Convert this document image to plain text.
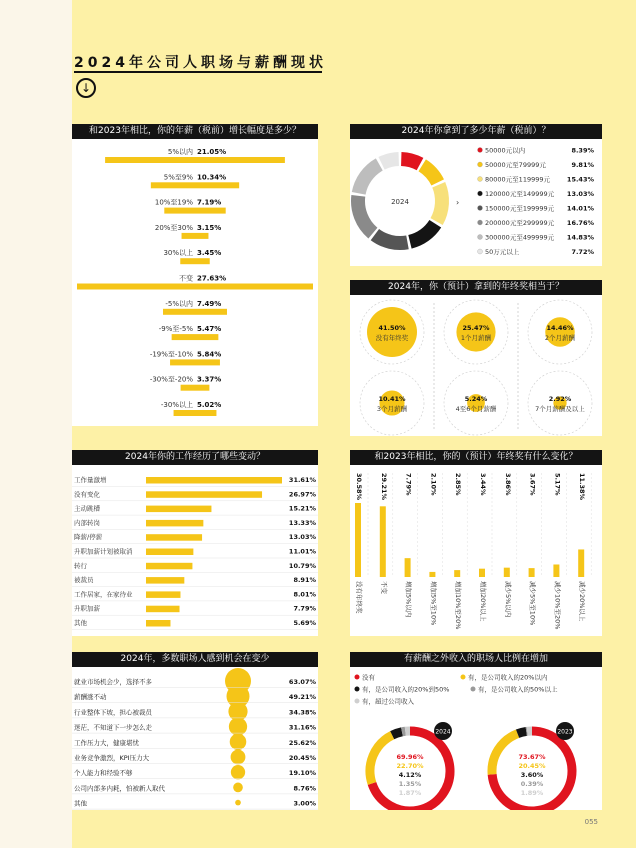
2024年公司人职场与薪酬现状
↓
和2023年相比，你的年薪（税前）增长幅度是多少？
5%以内 21.05%
5%至9% 10.34%
10%至19% 7.19%
20%至30% 3.15%
30%以上 3.45%
不变 27.63%
-5%以内 7.49%
-9%至-5% 5.47%
-19%至-10% 5.84%
-30%至-20% 3.37%
-30%以上 5.02%
2024年你拿到了多少年薪（税前）？
2024	›
50000元以内	8.39%
50000元至79999元	9.81%
80000元至119999元	15.43%
120000元至149999元 13.03%
150000元至199999元 14.01%
200000元至299999元 16.76%
300000元至499999元 14.83%
50万元以上	7.72%
2024年，你（预计）拿到的年终奖相当于？
41.50%
没有年终奖
25.47%
1个月薪酬
14.46%
2个月薪酬
10.41%
3个月薪酬
5.24%
4至6个月薪酬
2.92%
7个月薪酬及以上
2024年你的工作经历了哪些变动？
工作量激增	31.61%
没有变化	26.97%
主动跳槽	15.21%
内部转岗	13.33%
降薪/停薪	13.03%
升职加薪计划被取消	11.01%
转行	10.79%
被裁员	8.91%
工作居家，在家待业	8.01%
升职加薪	7.79%
其他	5.69%
和2023年相比，你的（预计）年终奖有什么变化？
30.58%
没有年终奖
29.21%
不变
7.79%
增加5%以内
2.10%
增加5%至10%
2.85%
增加10%至20%
3.44%
增加20%以上
3.86%
减少5%以内
3.67%
减少5%至10%
5.17%
减少10%至20%
11.38%
减少20%以上
2024年，多数职场人感到机会在变少
就业市场机会少，选择不多	63.07%
薪酬涨不动	49.21%
行业整体下坡，担心被裁员	34.38%
迷茫，不知道下一步怎么走	31.16%
工作压力大，健康堪忧	25.62%
业务竞争激烈，KPI压力大	20.45%
个人能力和经验不够	19.10%
公司内部多内耗，怕被新人取代	8.76%
其他	3.00%
有薪酬之外收入的职场人比例在增加
没有	有，是公司收入的20%以内
有，是公司收入的20%到50%	有，是公司收入的50%以上
有，超过公司收入
2024
69.96%
22.70%
4.12%
1.35%
1.87%
2023
73.67%
20.45%
3.60%
0.39%
1.89%
055
